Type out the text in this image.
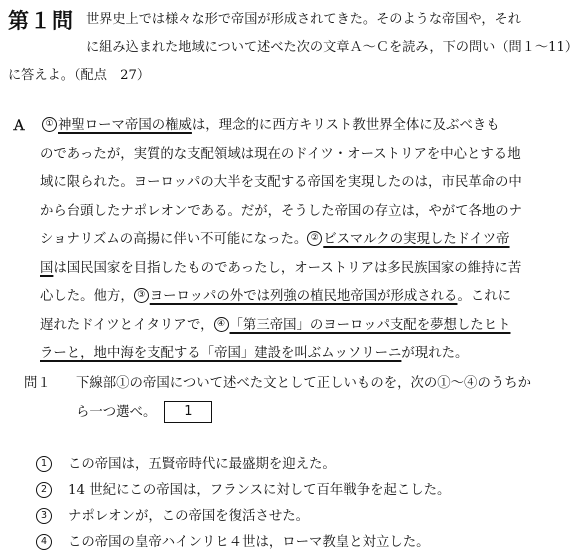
第１問 世界史上では様々な形で帝国が形成されてきた。そのような帝国や，それ
に組み込まれた地域について述べた次の文章Ａ～Ｃを読み，下の問い（問１～11）
に答えよ。（配点　27）
Ａ	① 神聖ローマ帝国の権威は，理念的に西方キリスト教世界全体に及ぶべきも
のであったが，実質的な支配領域は現在のドイツ・オーストリアを中心とする地
域に限られた。ヨーロッパの大半を支配する帝国を実現したのは，市民革命の中
から台頭したナポレオンである。だが，そうした帝国の存立は，やがて各地のナ
ショナリズムの高揚に伴い不可能になった。 ② ビスマルクの実現したドイツ帝
国は国民国家を目指したものであったし，オーストリアは多民族国家の維持に苦
心した。他方， ③ ヨーロッパの外では列強の植民地帝国が形成される。これに
遅れたドイツとイタリアで， ④ 「第三帝国」のヨーロッパ支配を夢想したヒト
ラーと，地中海を支配する「帝国」建設を叫ぶムッソリーニが現れた。
問１ 下線部①の帝国について述べた文として正しいものを，次の①～④のうちか
ら一つ選べ。 1
1 この帝国は，五賢帝時代に最盛期を迎えた。
2 14 世紀にこの帝国は，フランスに対して百年戦争を起こした。
3 ナポレオンが，この帝国を復活させた。
4 この帝国の皇帝ハインリヒ４世は，ローマ教皇と対立した。
